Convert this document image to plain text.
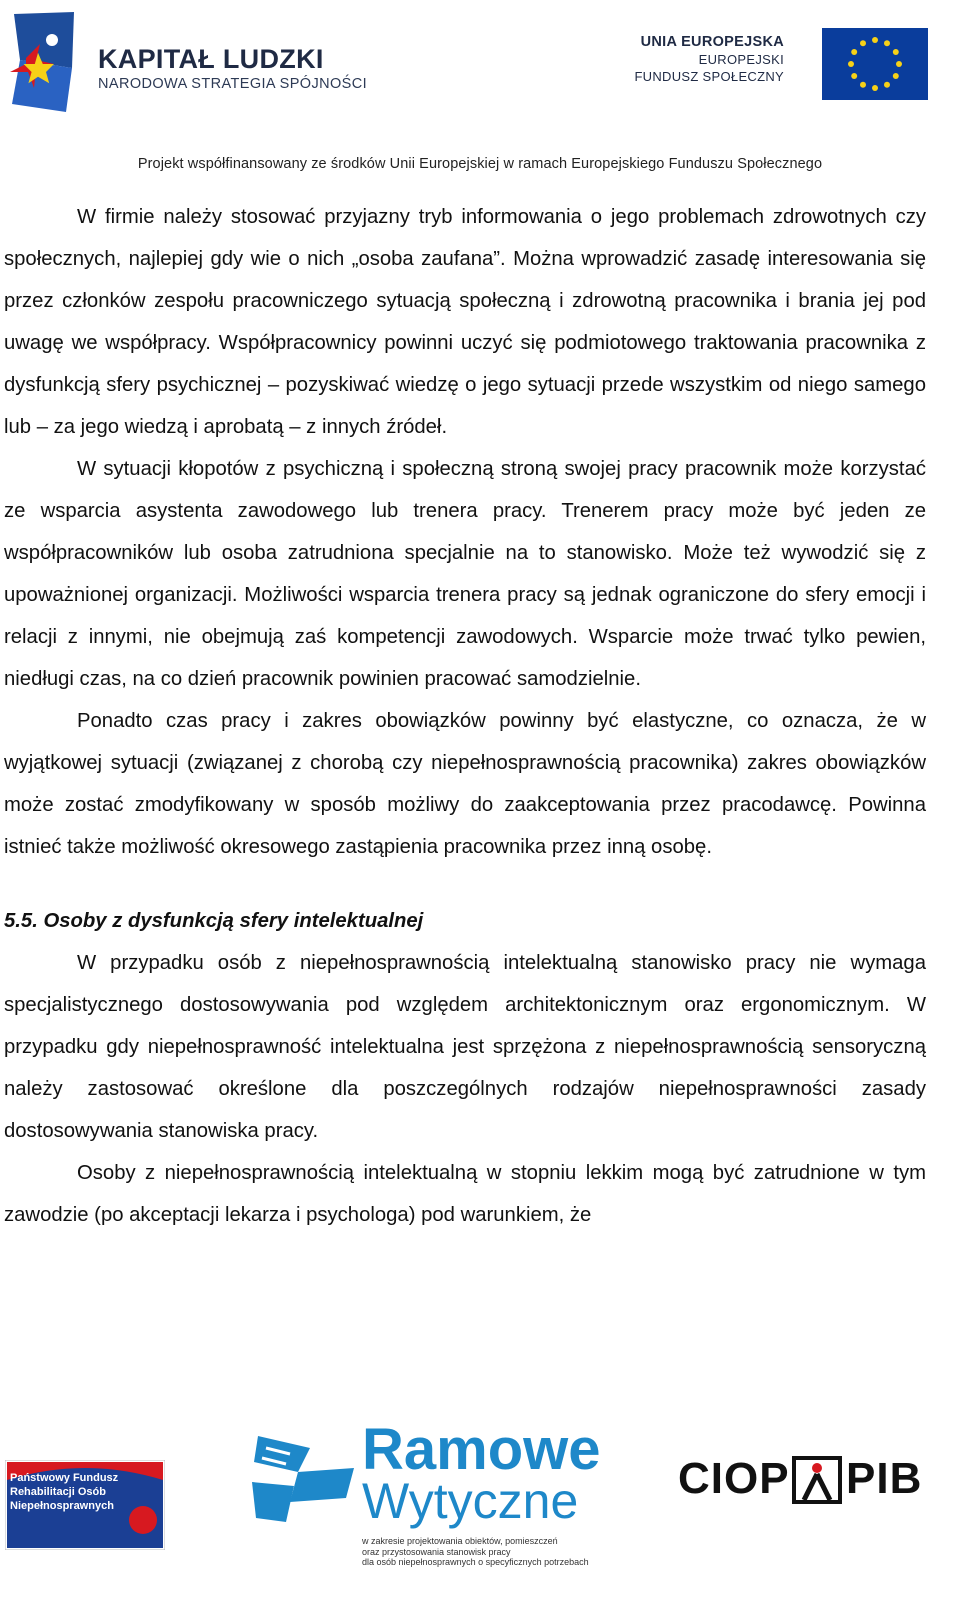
KAPITAŁ LUDZKI
NARODOWA STRATEGIA SPÓJNOŚCI
UNIA EUROPEJSKA
EUROPEJSKI
FUNDUSZ SPOŁECZNY
Projekt współfinansowany ze środków Unii Europejskiej w ramach Europejskiego Funduszu Społecznego

W firmie należy stosować przyjazny tryb informowania o jego problemach zdrowotnych czy społecznych, najlepiej gdy wie o nich „osoba zaufana”. Można wprowadzić zasadę interesowania się przez członków zespołu pracowniczego sytuacją społeczną i zdrowotną pracownika i brania jej pod uwagę we współpracy. Współpracownicy powinni uczyć się podmiotowego traktowania pracownika z dysfunkcją sfery psychicznej – pozyskiwać wiedzę o jego sytuacji przede wszystkim od niego samego lub – za jego wiedzą i aprobatą – z innych źródeł.

W sytuacji kłopotów z psychiczną i społeczną stroną swojej pracy pracownik może korzystać ze wsparcia asystenta zawodowego lub trenera pracy. Trenerem pracy może być jeden ze współpracowników lub osoba zatrudniona specjalnie na to stanowisko. Może też wywodzić się z upoważnionej organizacji. Możliwości wsparcia trenera pracy są jednak ograniczone do sfery emocji i relacji z innymi, nie obejmują zaś kompetencji zawodowych. Wsparcie może trwać tylko pewien, niedługi czas, na co dzień pracownik powinien pracować samodzielnie.

Ponadto czas pracy i zakres obowiązków powinny być elastyczne, co oznacza, że w wyjątkowej sytuacji (związanej z chorobą czy niepełnosprawnością pracownika) zakres obowiązków może zostać zmodyfikowany w sposób możliwy do zaakceptowania przez pracodawcę. Powinna istnieć także możliwość okresowego zastąpienia pracownika przez inną osobę.

5.5. Osoby z dysfunkcją sfery intelektualnej

W przypadku osób z niepełnosprawnością intelektualną stanowisko pracy nie wymaga specjalistycznego dostosowywania pod względem architektonicznym oraz ergonomicznym. W przypadku gdy niepełnosprawność intelektualna jest sprzężona z niepełnosprawnością sensoryczną należy zastosować określone dla poszczególnych rodzajów niepełnosprawności zasady dostosowywania stanowiska pracy.

Osoby z niepełnosprawnością intelektualną w stopniu lekkim mogą być zatrudnione w tym zawodzie (po akceptacji lekarza i psychologa) pod warunkiem, że

Państwowy Fundusz
Rehabilitacji Osób
Niepełnosprawnych
Ramowe
Wytyczne
w zakresie projektowania obiektów, pomieszczeń
oraz przystosowania stanowisk pracy
dla osób niepełnosprawnych o specyficznych potrzebach
CIOP PIB
